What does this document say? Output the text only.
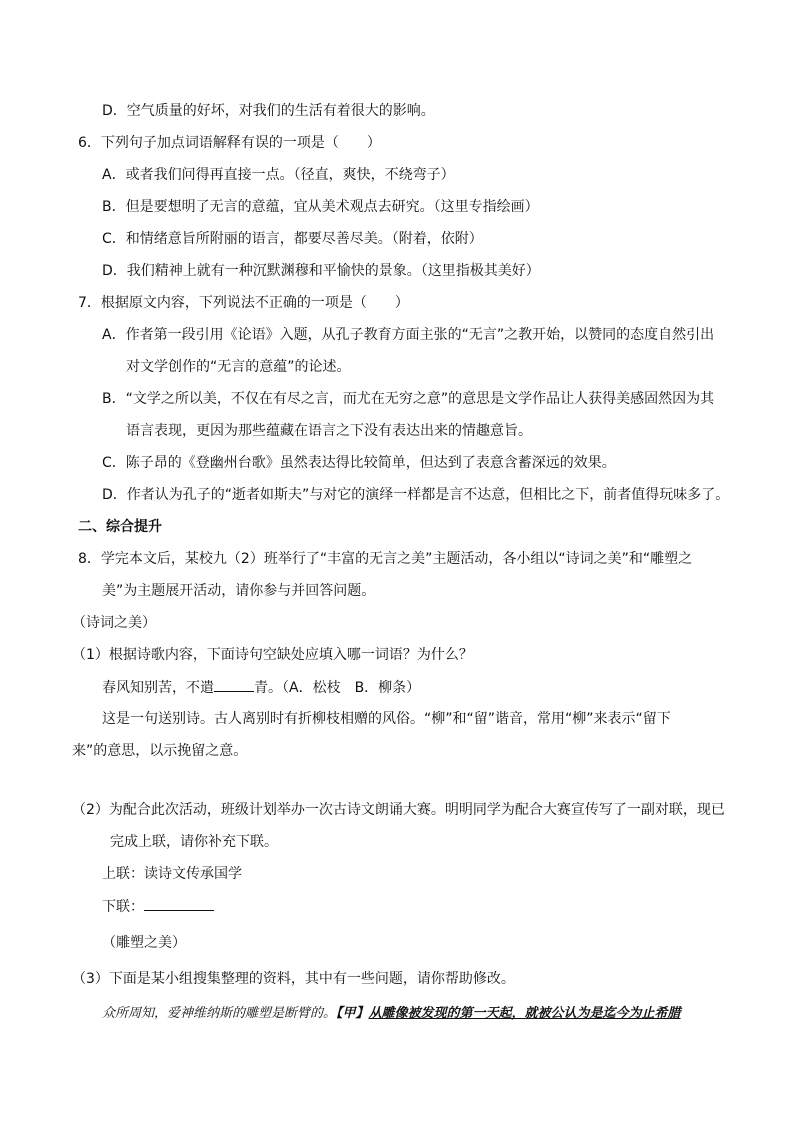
D．空气质量的好坏，对我们的生活有着很大的影响。
6．下列句子加点词语解释有误的一项是（　　）
A．或者我们问得再直接一点。（径直，爽快，不绕弯子）
B．但是要想明了无言的意蕴，宜从美术观点去研究。（这里专指绘画）
C．和情绪意旨所附丽的语言，都要尽善尽美。（附着，依附）
D．我们精神上就有一种沉默渊穆和平愉快的景象。（这里指极其美好）
7．根据原文内容，下列说法不正确的一项是（　　）
A．作者第一段引用《论语》入题，从孔子教育方面主张的“无言”之教开始，以赞同的态度自然引出
对文学创作的“无言的意蕴”的论述。
B．“文学之所以美，不仅在有尽之言，而尤在无穷之意”的意思是文学作品让人获得美感固然因为其
语言表现，更因为那些蕴藏在语言之下没有表达出来的情趣意旨。
C．陈子昂的《登幽州台歌》虽然表达得比较简单，但达到了表意含蓄深远的效果。
D．作者认为孔子的“逝者如斯夫”与对它的演绎一样都是言不达意，但相比之下，前者值得玩味多了。
二、综合提升
8．学完本文后，某校九（2）班举行了“丰富的无言之美”主题活动，各小组以“诗词之美”和“雕塑之
美”为主题展开活动，请你参与并回答问题。
（诗词之美）
（1）根据诗歌内容，下面诗句空缺处应填入哪一词语？为什么？
春风知别苦，不遣	青。（A．松枝　B．柳条）
这是一句送别诗。古人离别时有折柳枝相赠的风俗。“柳”和“留”谐音，常用“柳”来表示“留下
来”的意思，以示挽留之意。
（2）为配合此次活动，班级计划举办一次古诗文朗诵大赛。明明同学为配合大赛宣传写了一副对联，现已
完成上联，请你补充下联。
上联：读诗文传承国学
下联：
（雕塑之美）
（3）下面是某小组搜集整理的资料，其中有一些问题，请你帮助修改。
众所周知，爱神维纳斯的雕塑是断臂的。【甲】从雕像被发现的第一天起，就被公认为是迄今为止希腊
